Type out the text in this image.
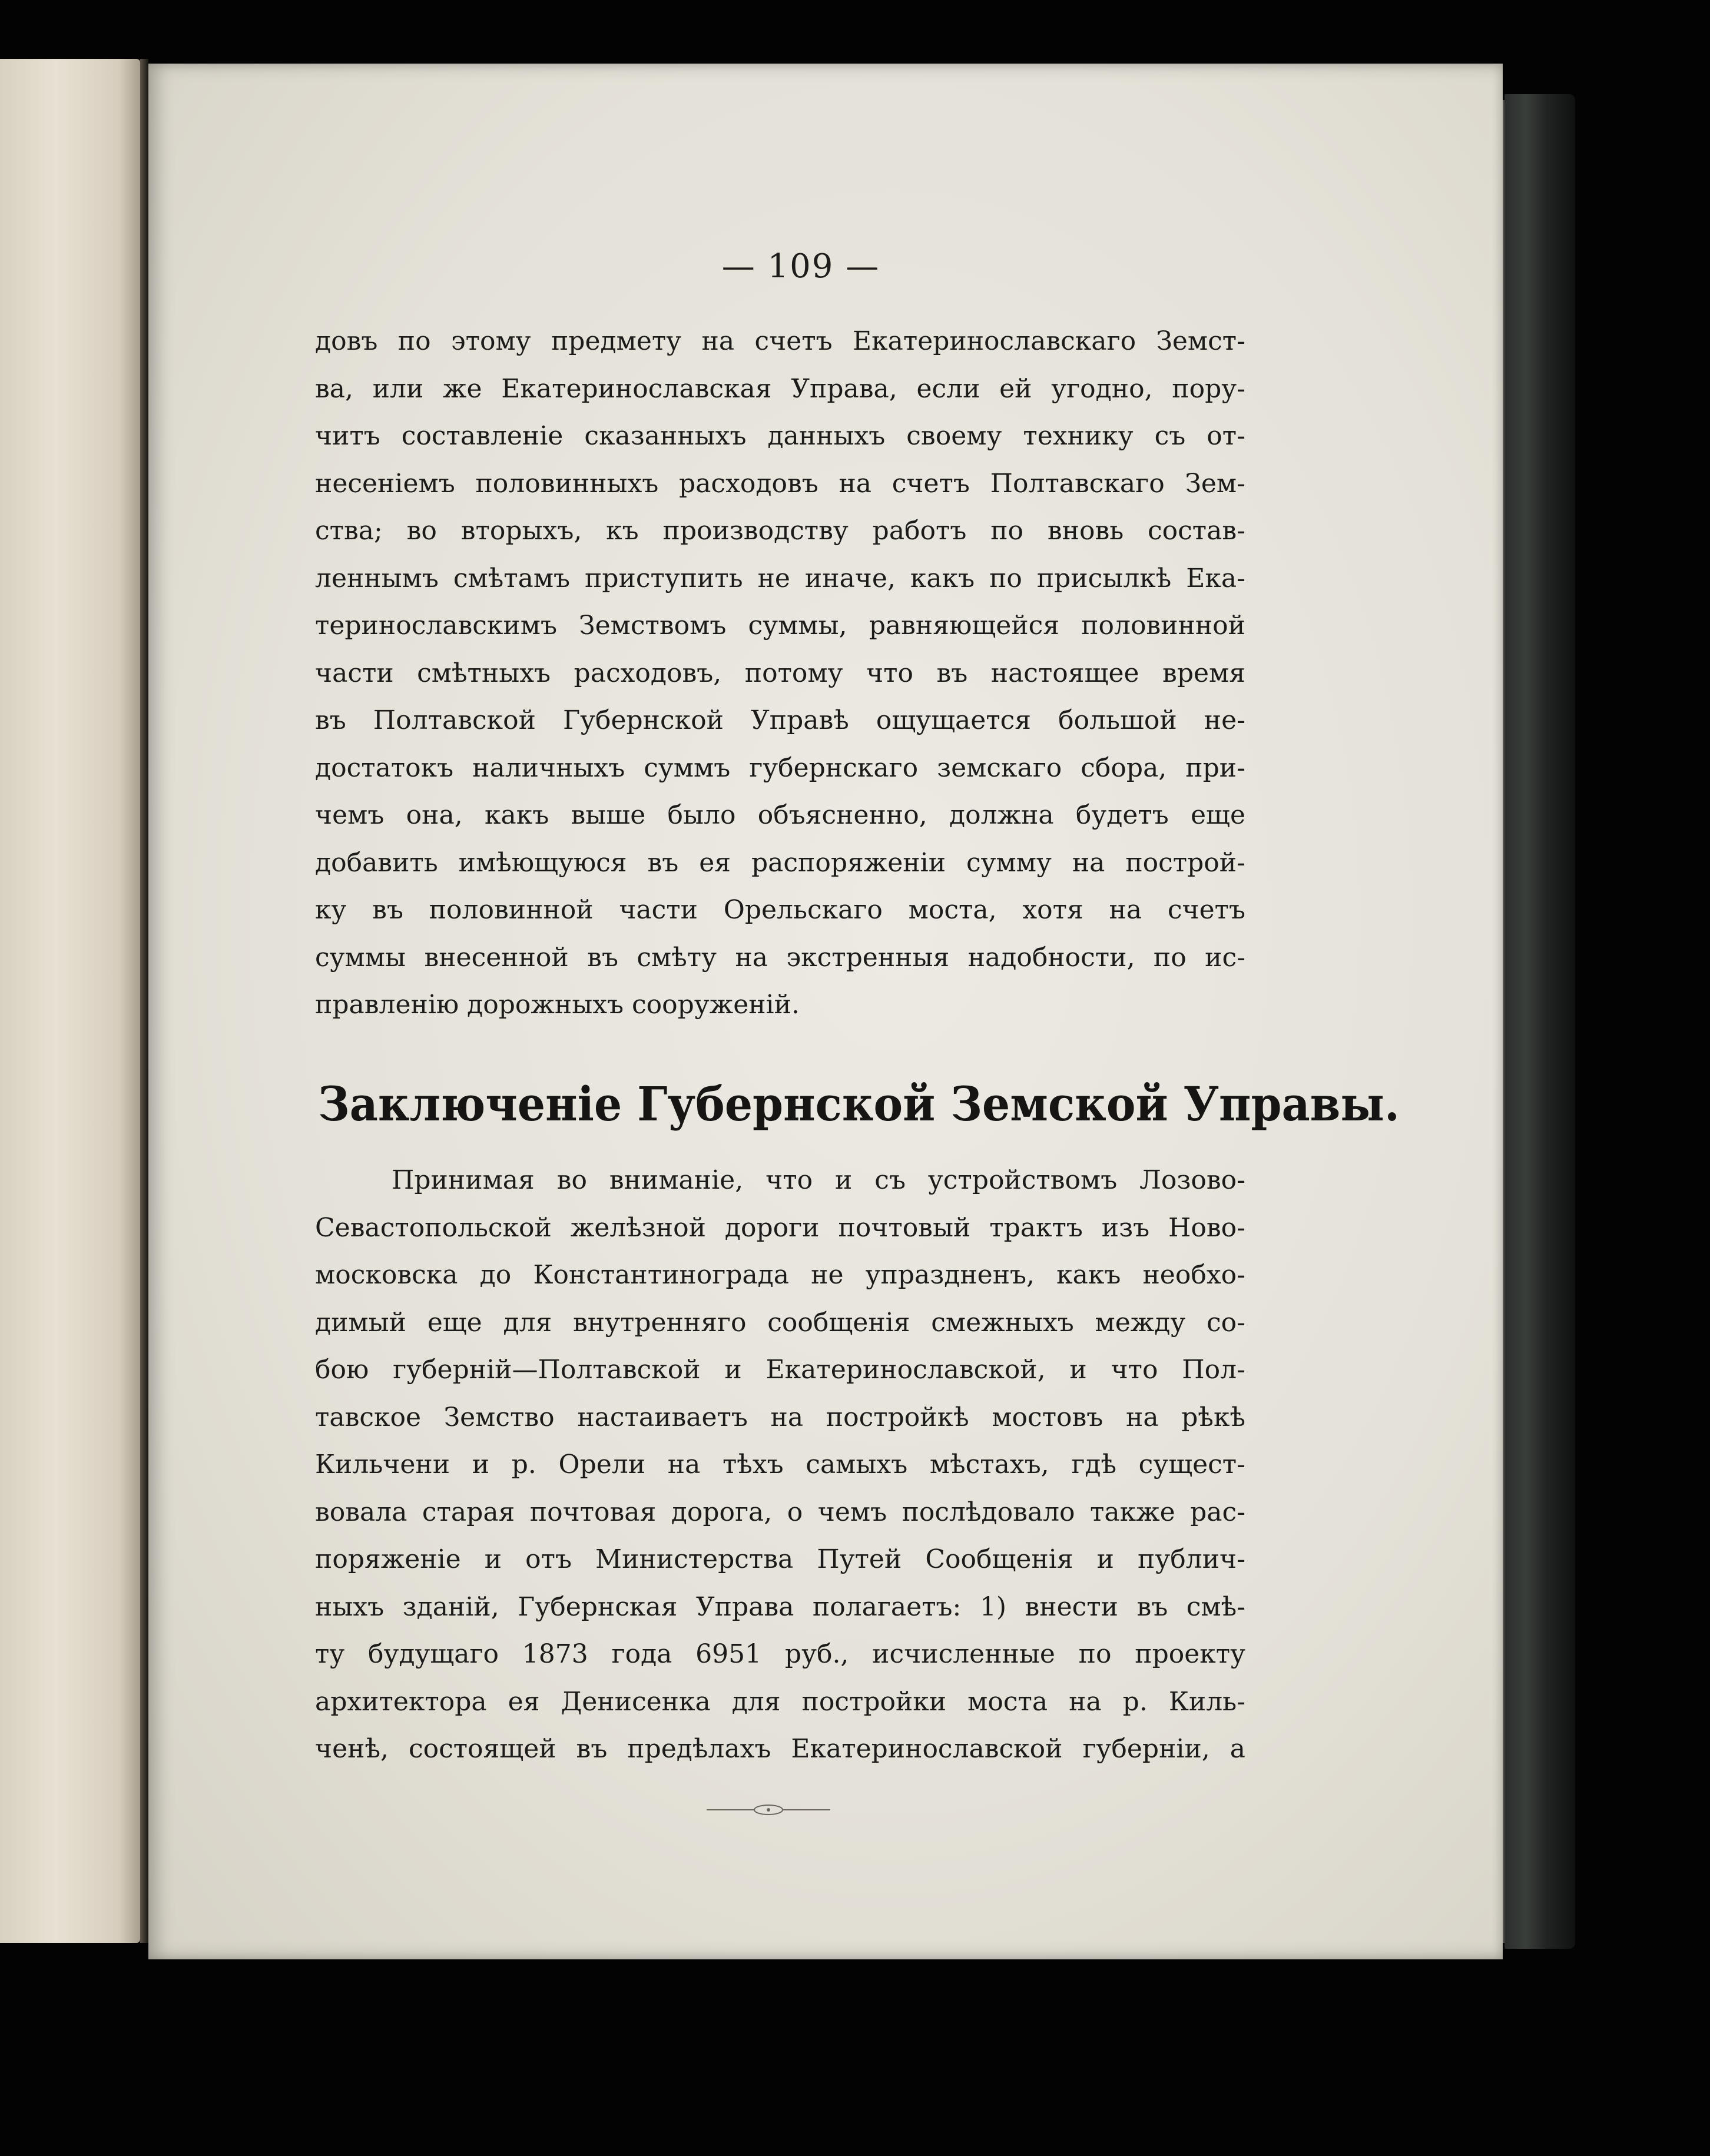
— 109 —
довъ по этому предмету на счетъ Екатеринославскаго Земст-
ва, или же Екатеринославская Управа, если ей угодно, пору-
читъ составленіе сказанныхъ данныхъ своему технику съ от-
несеніемъ половинныхъ расходовъ на счетъ Полтавскаго Зем-
ства; во вторыхъ, къ производству работъ по вновь состав-
леннымъ смѣтамъ приступить не иначе, какъ по присылкѣ Ека-
теринославскимъ Земствомъ суммы, равняющейся половинной
части смѣтныхъ расходовъ, потому что въ настоящее время
въ Полтавской Губернской Управѣ ощущается большой не-
достатокъ наличныхъ суммъ губернскаго земскаго сбора, при-
чемъ она, какъ выше было объясненно, должна будетъ еще
добавить имѣющуюся въ ея распоряженіи сумму на построй-
ку въ половинной части Орельскаго моста, хотя на счетъ
суммы внесенной въ смѣту на экстренныя надобности, по ис-
правленію дорожныхъ сооруженій.
Заключеніе Губернской Земской Управы.
Принимая во вниманіе, что и съ устройствомъ Лозово-
Севастопольской желѣзной дороги почтовый трактъ изъ Ново-
московска до Константинограда не упраздненъ, какъ необхо-
димый еще для внутренняго сообщенія смежныхъ между со-
бою губерній—Полтавской и Екатеринославской, и что Пол-
тавское Земство настаиваетъ на постройкѣ мостовъ на рѣкѣ
Кильчени и р. Орели на тѣхъ самыхъ мѣстахъ, гдѣ сущест-
вовала старая почтовая дорога, о чемъ послѣдовало также рас-
поряженіе и отъ Министерства Путей Сообщенія и публич-
ныхъ зданій, Губернская Управа полагаетъ: 1) внести въ смѣ-
ту будущаго 1873 года 6951 руб., исчисленные по проекту
архитектора ея Денисенка для постройки моста на р. Киль-
ченѣ, состоящей въ предѣлахъ Екатеринославской губерніи, а
